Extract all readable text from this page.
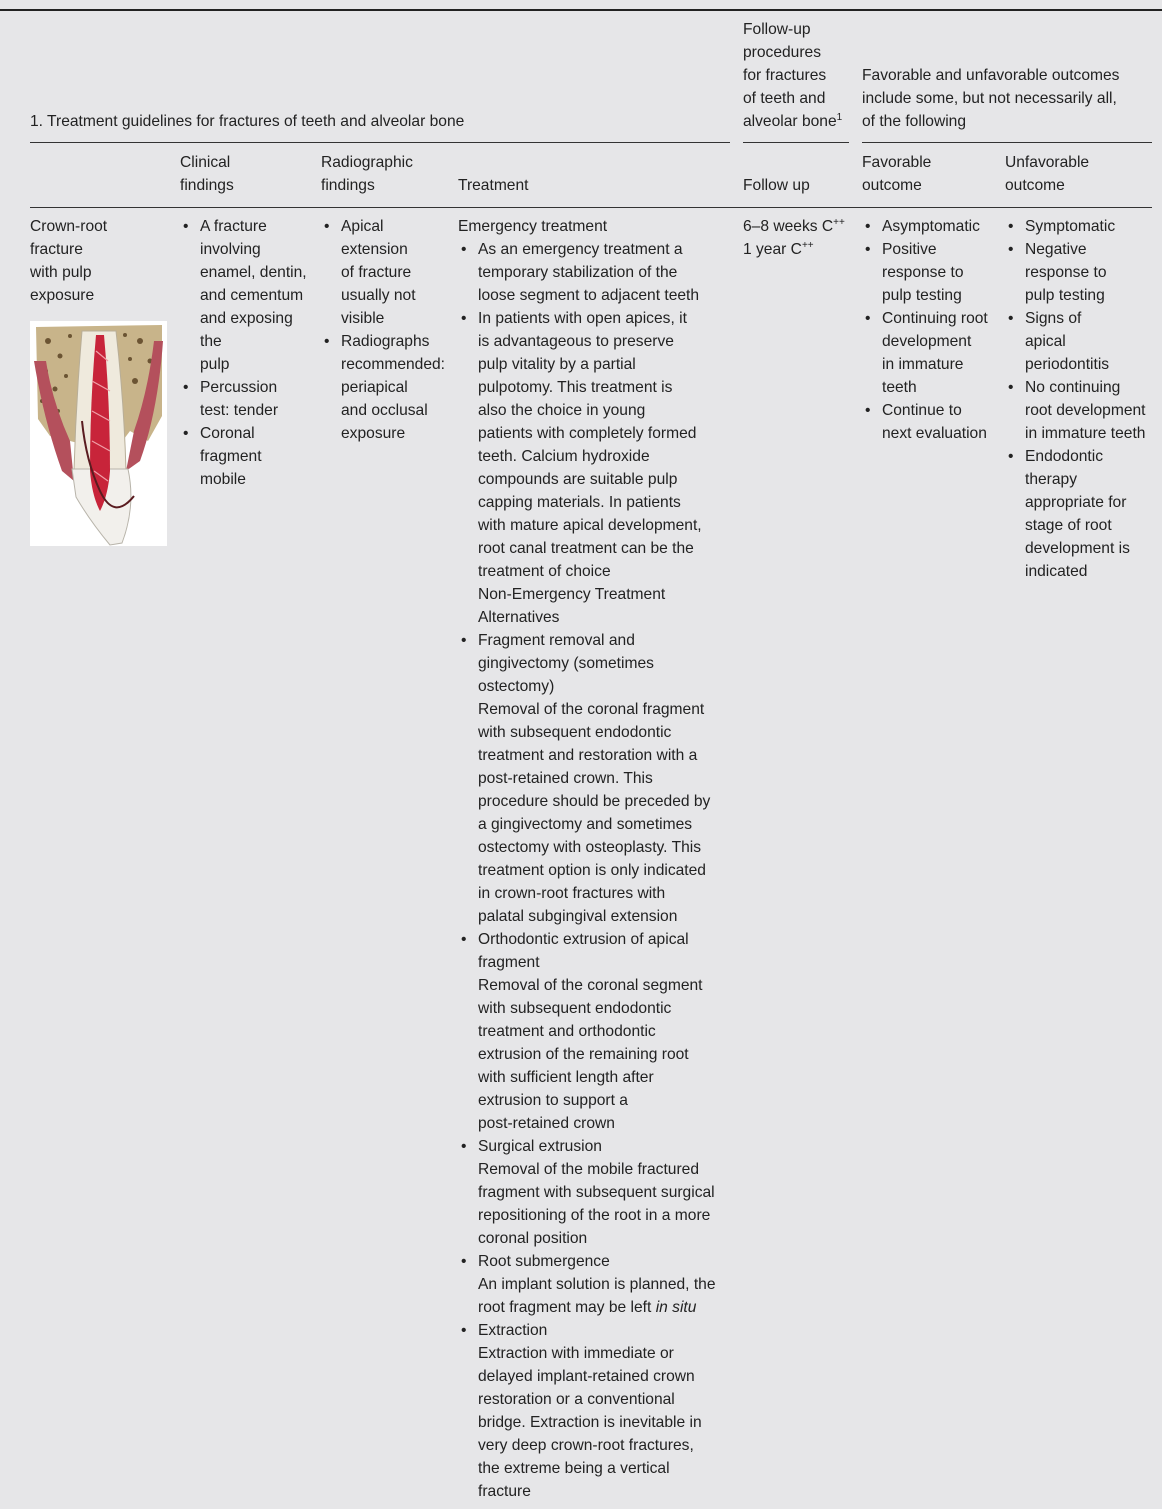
1. Treatment guidelines for fractures of teeth and alveolar bone
Follow-up
procedures
for fractures
of teeth and
alveolar bone$^1$
Favorable and unfavorable outcomes
include some, but not necessarily all,
of the following
Clinical
findings
Radiographic
findings	Treatment	Follow up
Favorable
outcome
Unfavorable
outcome
Crown-root
fracture
with pulp
exposure
• A fracture
involving
enamel, dentin,
and cementum
and exposing
the
pulp
• Percussion
test: tender
• Coronal
fragment
mobile
• Apical
extension
of fracture
usually not
visible
• Radiographs
recommended:
periapical
and occlusal
exposure
Emergency treatment
• As an emergency treatment a
temporary stabilization of the
loose segment to adjacent teeth
• In patients with open apices, it
is advantageous to preserve
pulp vitality by a partial
pulpotomy. This treatment is
also the choice in young
patients with completely formed
teeth. Calcium hydroxide
compounds are suitable pulp
capping materials. In patients
with mature apical development,
root canal treatment can be the
treatment of choice
Non-Emergency Treatment
Alternatives
• Fragment removal and
gingivectomy (sometimes
ostectomy)
Removal of the coronal fragment
with subsequent endodontic
treatment and restoration with a
post-retained crown. This
procedure should be preceded by
a gingivectomy and sometimes
ostectomy with osteoplasty. This
treatment option is only indicated
in crown-root fractures with
palatal subgingival extension
• Orthodontic extrusion of apical
fragment
Removal of the coronal segment
with subsequent endodontic
treatment and orthodontic
extrusion of the remaining root
with sufficient length after
extrusion to support a
post-retained crown
• Surgical extrusion
Removal of the mobile fractured
fragment with subsequent surgical
repositioning of the root in a more
coronal position
• Root submergence
An implant solution is planned, the
root fragment may be left in situ
• Extraction
Extraction with immediate or
delayed implant-retained crown
restoration or a conventional
bridge. Extraction is inevitable in
very deep crown-root fractures,
the extreme being a vertical
fracture
6–8 weeks C++
1 year C++
• Asymptomatic
• Positive
response to
pulp testing
• Continuing root
development
in immature
teeth
• Continue to
next evaluation
• Symptomatic
• Negative
response to
pulp testing
• Signs of
apical
periodontitis
• No continuing
root development
in immature teeth
• Endodontic
therapy
appropriate for
stage of root
development is
indicated
